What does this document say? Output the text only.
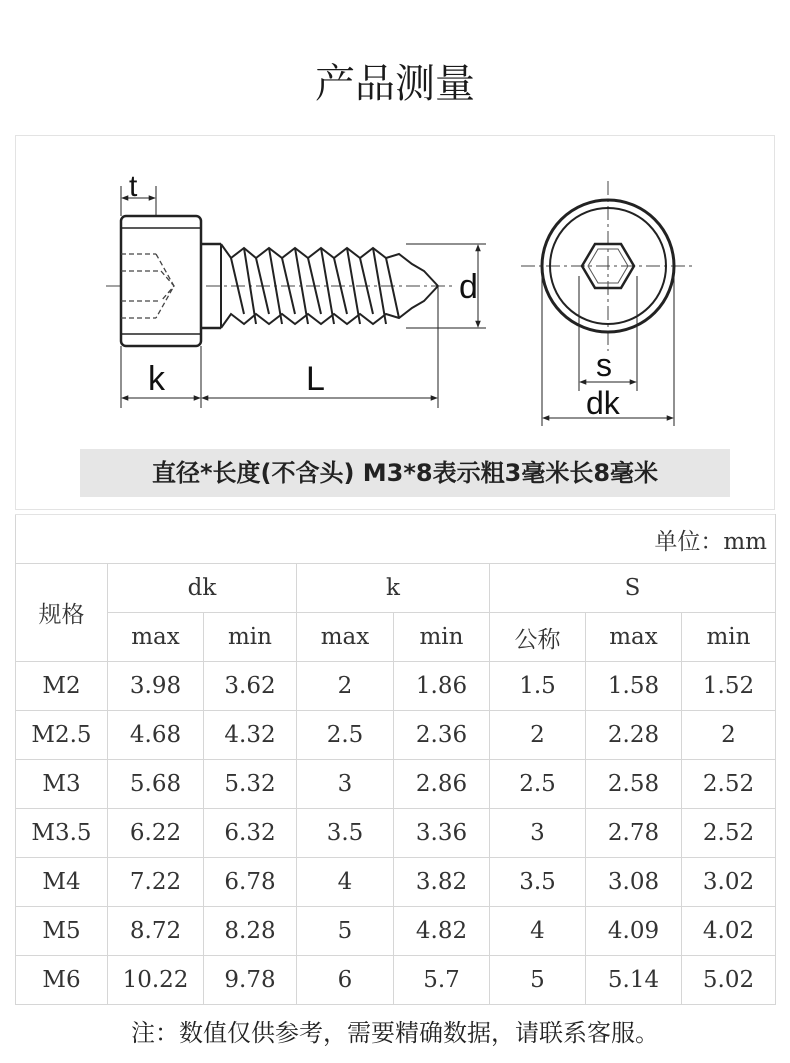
产品测量
t
k	L
d
s
dk
直径*长度(不含头) M3*8表示粗3毫米长8毫米
单位：mm							
规格	dk		k		S		
	max	min	max	min	公称	max	min
M2	3.98	3.62	2	1.86	1.5	1.58	1.52
M2.5	4.68	4.32	2.5	2.36	2	2.28	2
M3	5.68	5.32	3	2.86	2.5	2.58	2.52
M3.5	6.22	6.32	3.5	3.36	3	2.78	2.52
M4	7.22	6.78	4	3.82	3.5	3.08	3.02
M5	8.72	8.28	5	4.82	4	4.09	4.02
M6	10.22	9.78	6	5.7	5	5.14	5.02
注：数值仅供参考，需要精确数据，请联系客服。
